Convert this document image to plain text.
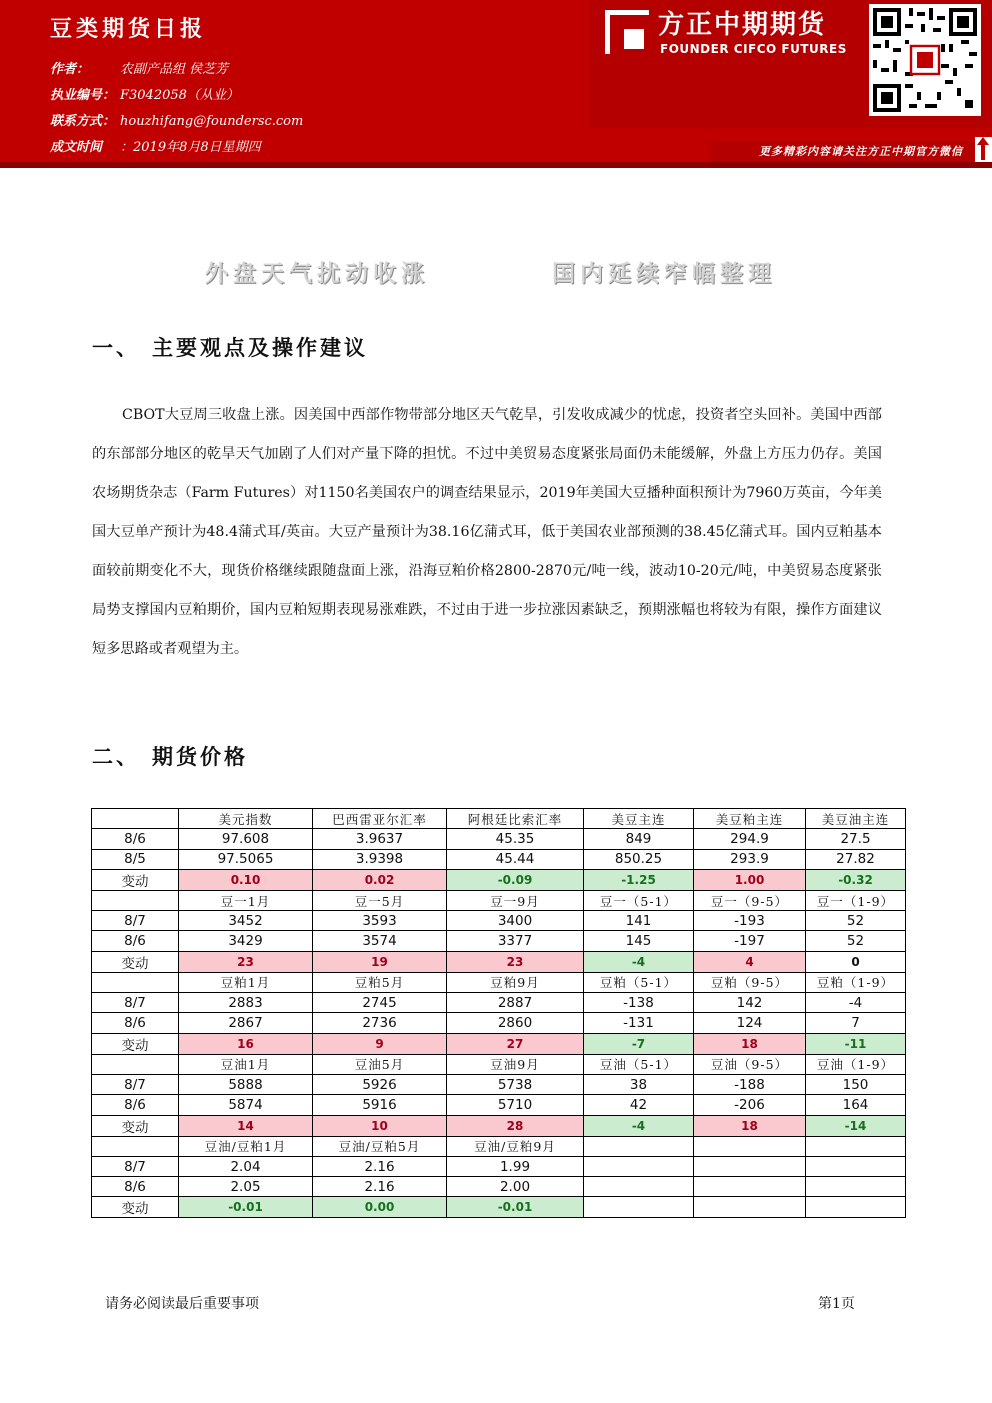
豆类期货日报
作者： 农副产品组 侯芝芳
执业编号： F3042058（从业）
联系方式： houzhifang@foundersc.com
成文时间 ：2019年8月8日星期四
方正中期期货
FOUNDER CIFCO FUTURES
更多精彩内容请关注方正中期官方微信
外盘天气扰动收涨	国内延续窄幅整理
一、 主要观点及操作建议
CBOT大豆周三收盘上涨。因美国中西部作物带部分地区天气乾旱，引发收成减少的忧虑，投资者空头回补。美国中西部的东部部分地区的乾旱天气加剧了人们对产量下降的担忧。不过中美贸易态度紧张局面仍未能缓解，外盘上方压力仍存。美国农场期货杂志（Farm Futures）对1150名美国农户的调查结果显示，2019年美国大豆播种面积预计为7960万英亩，今年美国大豆单产预计为48.4蒲式耳/英亩。大豆产量预计为38.16亿蒲式耳，低于美国农业部预测的38.45亿蒲式耳。国内豆粕基本面较前期变化不大，现货价格继续跟随盘面上涨，沿海豆粕价格2800-2870元/吨一线，波动10-20元/吨，中美贸易态度紧张局势支撑国内豆粕期价，国内豆粕短期表现易涨难跌，不过由于进一步拉涨因素缺乏，预期涨幅也将较为有限，操作方面建议短多思路或者观望为主。
二、 期货价格
	美元指数	巴西雷亚尔汇率	阿根廷比索汇率	美豆主连	美豆粕主连	美豆油主连
8/6	97.608	3.9637	45.35	849	294.9	27.5
8/5	97.5065	3.9398	45.44	850.25	293.9	27.82
变动	0.10	0.02	-0.09	-1.25	1.00	-0.32
	豆一1月	豆一5月	豆一9月	豆一（5-1）	豆一（9-5）	豆一（1-9）
8/7	3452	3593	3400	141	-193	52
8/6	3429	3574	3377	145	-197	52
变动	23	19	23	-4	4	0
	豆粕1月	豆粕5月	豆粕9月	豆粕（5-1）	豆粕（9-5）	豆粕（1-9）
8/7	2883	2745	2887	-138	142	-4
8/6	2867	2736	2860	-131	124	7
变动	16	9	27	-7	18	-11
	豆油1月	豆油5月	豆油9月	豆油（5-1）	豆油（9-5）	豆油（1-9）
8/7	5888	5926	5738	38	-188	150
8/6	5874	5916	5710	42	-206	164
变动	14	10	28	-4	18	-14
	豆油/豆粕1月	豆油/豆粕5月	豆油/豆粕9月			
8/7	2.04	2.16	1.99			
8/6	2.05	2.16	2.00			
变动	-0.01	0.00	-0.01			
请务必阅读最后重要事项	第1页
